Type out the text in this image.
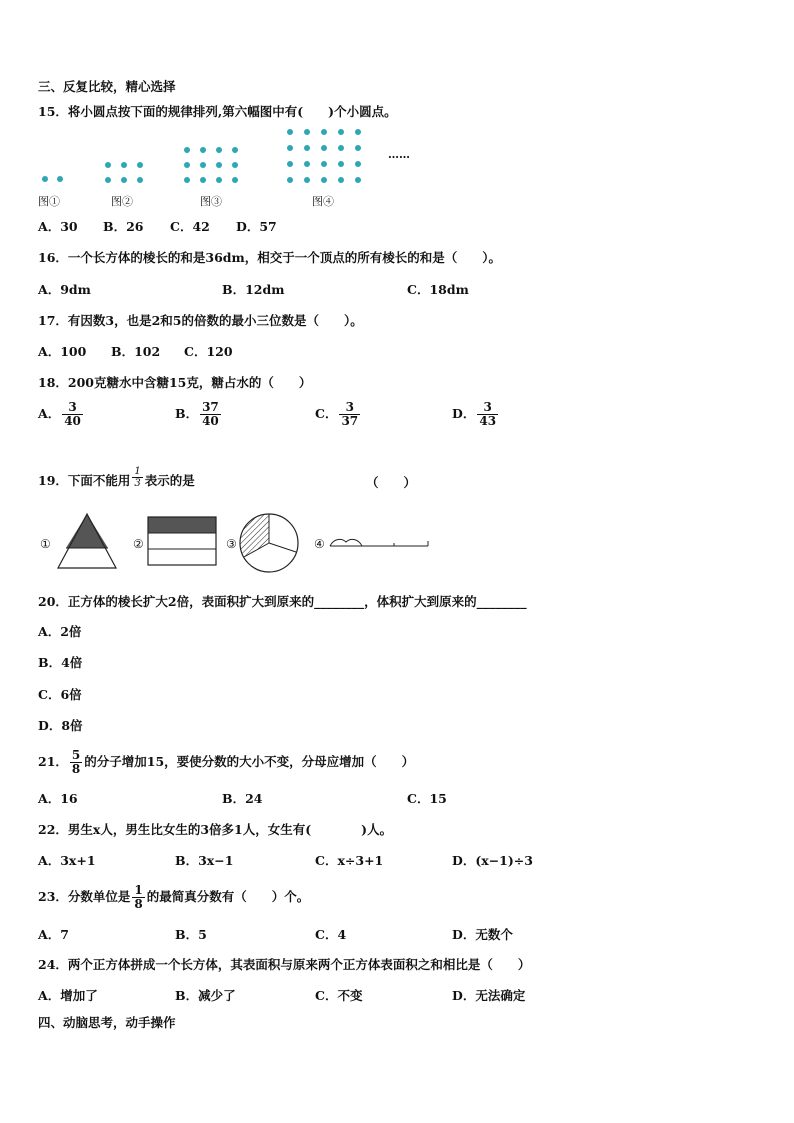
三、反复比较，精心选择
15．将小圆点按下面的规律排列,第六幅图中有(　　)个小圆点。
……
图①	图②	图③	图④
A．30 B．26 C．42 D．57
16．一个长方体的棱长的和是36dm，相交于一个顶点的所有棱长的和是（　　）。
A．9dm	B．12dm	C．18dm
17．有因数3，也是2和5的倍数的最小三位数是（　　）。
A．100 B．102 C．120
18．200克糖水中含糖15克，糖占水的（　　）
A． $\frac{3}{40}$	B． $\frac{37}{40}$	C． $\frac{3}{37}$	D． $\frac{3}{43}$
19．下面不能用 $\frac{1}{3}$ 表示的是	（　　）
①	②	③	④
20．正方体的棱长扩大2倍，表面积扩大到原来的________，体积扩大到原来的________
A．2倍
B．4倍
C．6倍
D．8倍
21． $\frac{5}{8}$ 的分子增加15，要使分数的大小不变，分母应增加（　　）
A．16	B．24	C．15
22．男生x人，男生比女生的3倍多1人，女生有(　　　　)人。
A．3x+1	B．3x−1	C．x÷3+1	D．(x−1)÷3
23．分数单位是 $\frac{1}{8}$ 的最简真分数有（　　）个。
A．7	B．5	C．4	D．无数个
24．两个正方体拼成一个长方体，其表面积与原来两个正方体表面积之和相比是（　　）
A．增加了	B．减少了	C．不变	D．无法确定
四、动脑思考，动手操作
